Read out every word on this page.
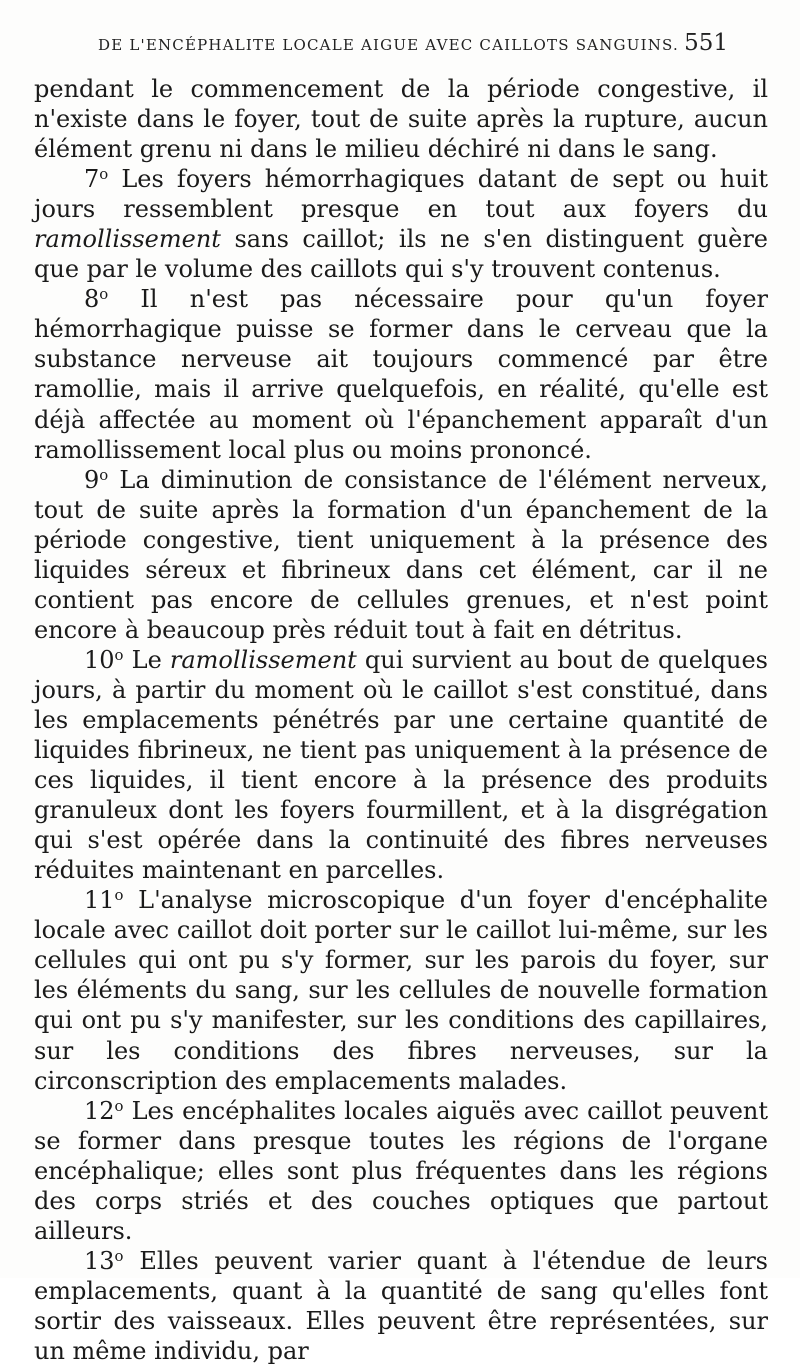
DE L'ENCÉPHALITE LOCALE AIGUE AVEC CAILLOTS SANGUINS. 551

pendant le commencement de la période congestive, il n'existe dans le foyer, tout de suite après la rupture, aucun élément grenu ni dans le milieu déchiré ni dans le sang.

7$^o$ Les foyers hémorrhagiques datant de sept ou huit jours ressemblent presque en tout aux foyers du ramollissement sans caillot; ils ne s'en distinguent guère que par le volume des caillots qui s'y trouvent contenus.

8$^o$ Il n'est pas nécessaire pour qu'un foyer hémorrhagique puisse se former dans le cerveau que la substance nerveuse ait toujours commencé par être ramollie, mais il arrive quelquefois, en réalité, qu'elle est déjà affectée au moment où l'épanchement apparaît d'un ramollissement local plus ou moins prononcé.

9$^o$ La diminution de consistance de l'élément nerveux, tout de suite après la formation d'un épanchement de la période congestive, tient uniquement à la présence des liquides séreux et fibrineux dans cet élément, car il ne contient pas encore de cellules grenues, et n'est point encore à beaucoup près réduit tout à fait en détritus.

10$^o$ Le ramollissement qui survient au bout de quelques jours, à partir du moment où le caillot s'est constitué, dans les emplacements pénétrés par une certaine quantité de liquides fibrineux, ne tient pas uniquement à la présence de ces liquides, il tient encore à la présence des produits granuleux dont les foyers fourmillent, et à la disgrégation qui s'est opérée dans la continuité des fibres nerveuses réduites maintenant en parcelles.

11$^o$ L'analyse microscopique d'un foyer d'encéphalite locale avec caillot doit porter sur le caillot lui-même, sur les cellules qui ont pu s'y former, sur les parois du foyer, sur les éléments du sang, sur les cellules de nouvelle formation qui ont pu s'y manifester, sur les conditions des capillaires, sur les conditions des fibres nerveuses, sur la circonscription des emplacements malades.

12$^o$ Les encéphalites locales aiguës avec caillot peuvent se former dans presque toutes les régions de l'organe encéphalique; elles sont plus fréquentes dans les régions des corps striés et des couches optiques que partout ailleurs.

13$^o$ Elles peuvent varier quant à l'étendue de leurs emplacements, quant à la quantité de sang qu'elles font sortir des vaisseaux. Elles peuvent être représentées, sur un même individu, par
